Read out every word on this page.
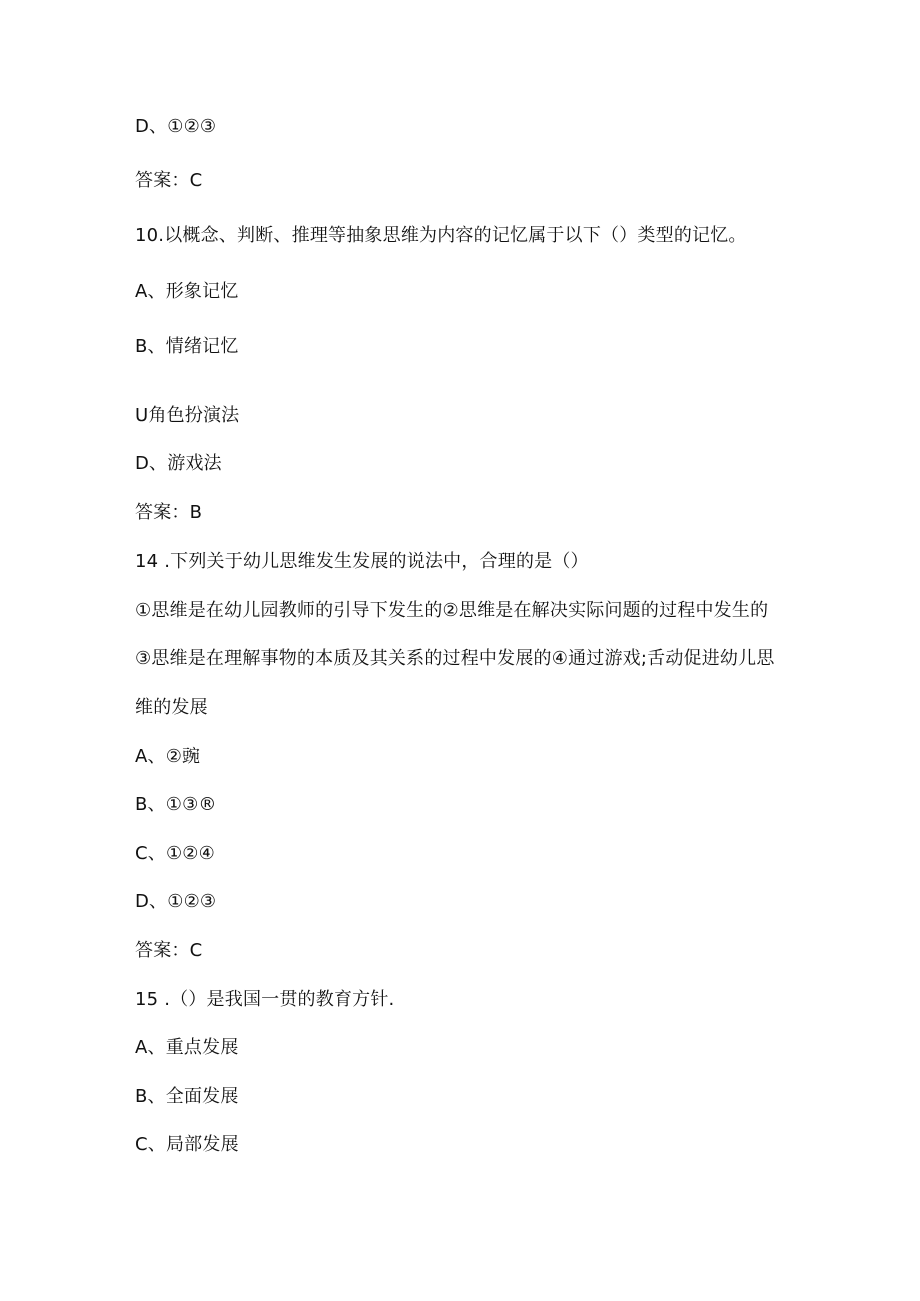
D、①②③
答案：C
10.以概念、判断、推理等抽象思维为内容的记忆属于以下（）类型的记忆。
A、形象记忆
B、情绪记忆
U角色扮演法
D、游戏法
答案：B
14 .下列关于幼儿思维发生发展的说法中，合理的是（）
①思维是在幼儿园教师的引导下发生的②思维是在解决实际问题的过程中发生的
③思维是在理解事物的本质及其关系的过程中发展的④通过游戏;舌动促进幼儿思
维的发展
A、②豌
B、①③®
C、①②④
D、①②③
答案：C
15 .（）是我国一贯的教育方针.
A、重点发展
B、全面发展
C、局部发展
